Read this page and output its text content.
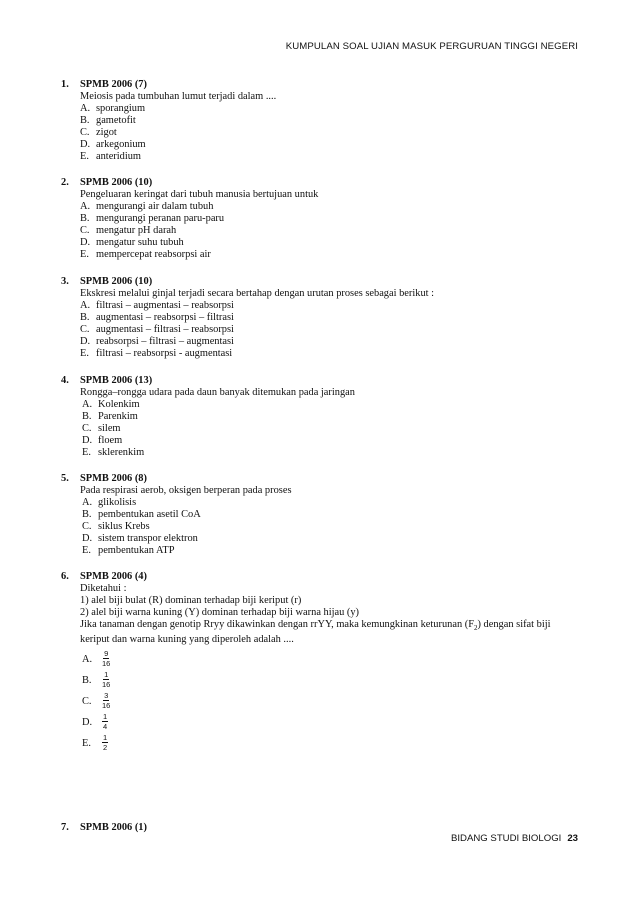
KUMPULAN SOAL UJIAN MASUK PERGURUAN TINGGI NEGERI
1. SPMB 2006 (7)
Meiosis pada tumbuhan lumut terjadi dalam ....
A. sporangium
B. gametofit
C. zigot
D. arkegonium
E. anteridium
2. SPMB 2006 (10)
Pengeluaran keringat dari tubuh manusia bertujuan untuk
A. mengurangi air dalam tubuh
B. mengurangi peranan paru-paru
C. mengatur pH darah
D. mengatur suhu tubuh
E. mempercepat reabsorpsi air
3. SPMB 2006 (10)
Ekskresi melalui ginjal terjadi secara bertahap dengan urutan proses sebagai berikut :
A. filtrasi – augmentasi – reabsorpsi
B. augmentasi – reabsorpsi – filtrasi
C. augmentasi – filtrasi – reabsorpsi
D. reabsorpsi – filtrasi – augmentasi
E. filtrasi – reabsorpsi - augmentasi
4. SPMB 2006 (13)
Rongga–rongga udara pada daun banyak ditemukan pada jaringan
A. Kolenkim
B. Parenkim
C. silem
D. floem
E. sklerenkim
5. SPMB 2006 (8)
Pada respirasi aerob, oksigen berperan pada proses
A. glikolisis
B. pembentukan asetil CoA
C. siklus Krebs
D. sistem transpor elektron
E. pembentukan ATP
6. SPMB 2006 (4)
Diketahui :
1) alel biji bulat (R) dominan terhadap biji keriput (r)
2) alel biji warna kuning (Y) dominan terhadap biji warna hijau (y)
Jika tanaman dengan genotip Rryy dikawinkan dengan rrYY, maka kemungkinan keturunan $(F_2)$ dengan sifat biji keriput dan warna kuning yang diperoleh adalah ....
A. $\frac{9}{16}$
B. $\frac{1}{16}$
C. $\frac{3}{16}$
D. $\frac{1}{4}$
E. $\frac{1}{2}$
7. SPMB 2006 (1)
BIDANG STUDI BIOLOGI 23
